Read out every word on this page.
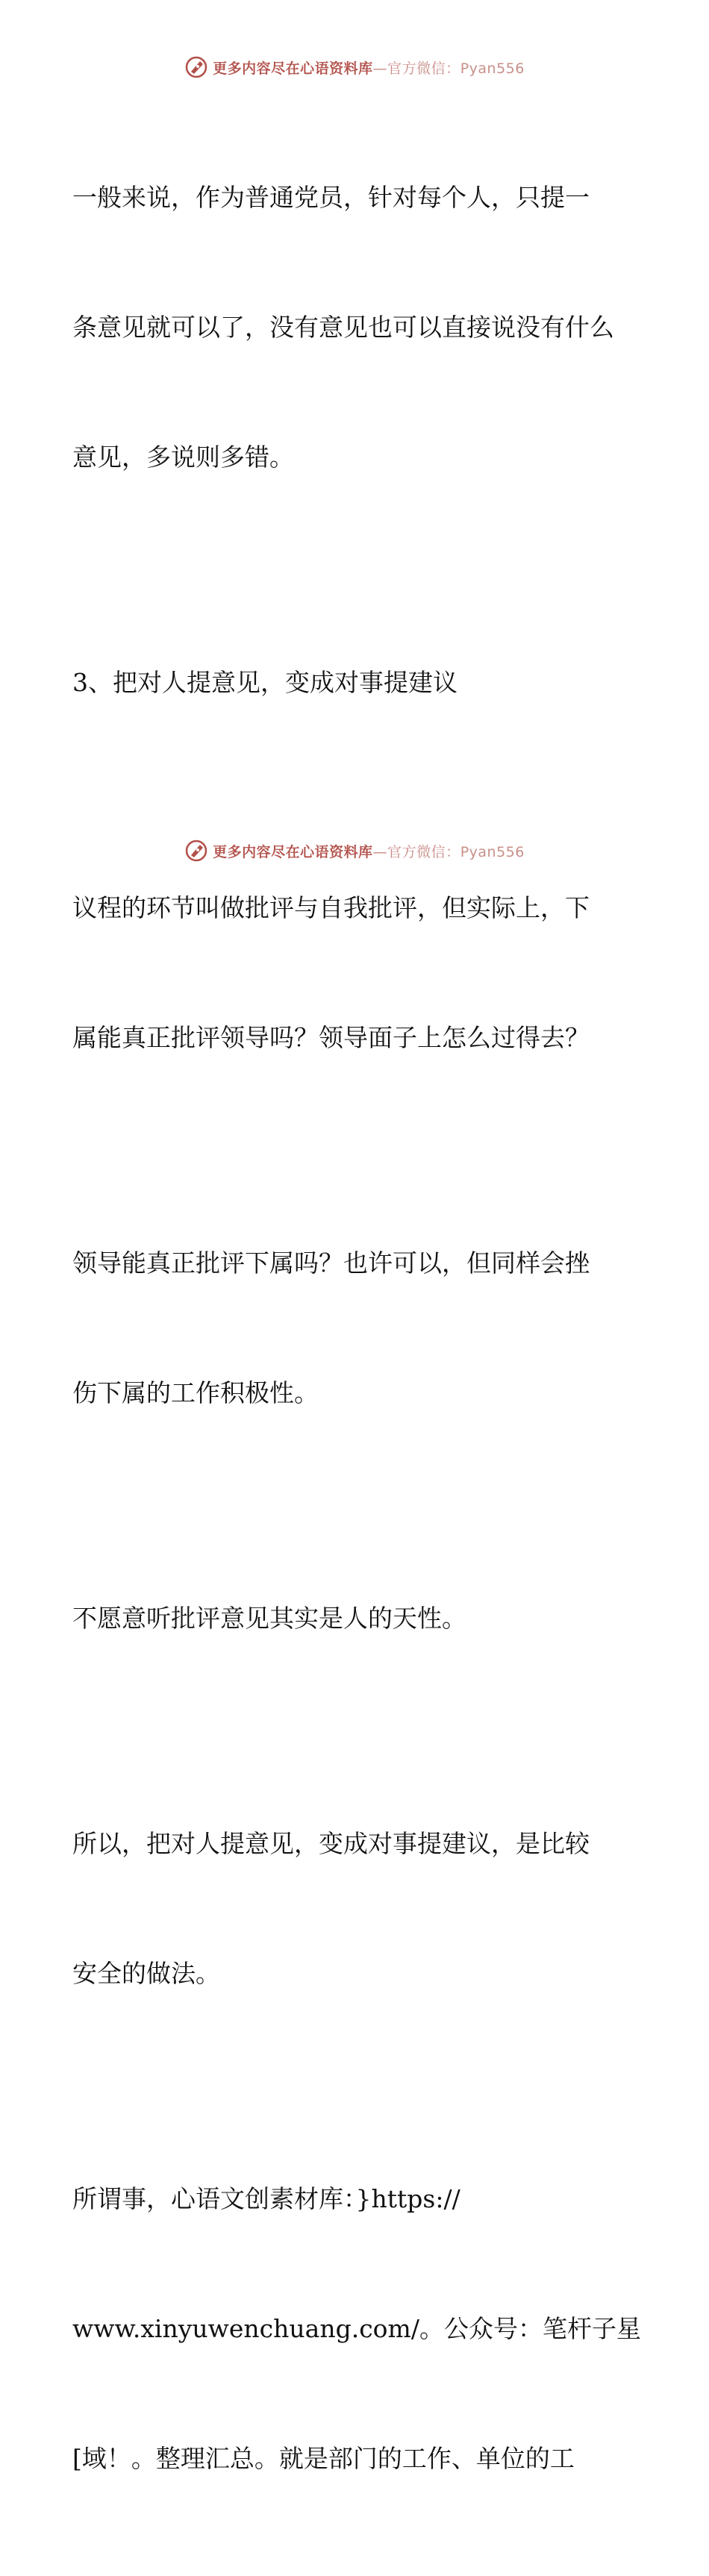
更多内容尽在心语资料库—官方微信：Pyan556

一般来说，作为普通党员，针对每个人，只提一

条意见就可以了，没有意见也可以直接说没有什么

意见，多说则多错。

3、把对人提意见，变成对事提建议

议程的环节叫做批评与自我批评，但实际上，下

属能真正批评领导吗？领导面子上怎么过得去？

领导能真正批评下属吗？也许可以，但同样会挫

伤下属的工作积极性。

不愿意听批评意见其实是人的天性。

所以，把对人提意见，变成对事提建议，是比较

安全的做法。

所谓事，心语文创素材库：}https://

www.xinyuwenchuang.com/。公众号：笔杆子星

[域！。整理汇总。就是部门的工作、单位的工

更多内容尽在心语资料库—官方微信：Pyan556
